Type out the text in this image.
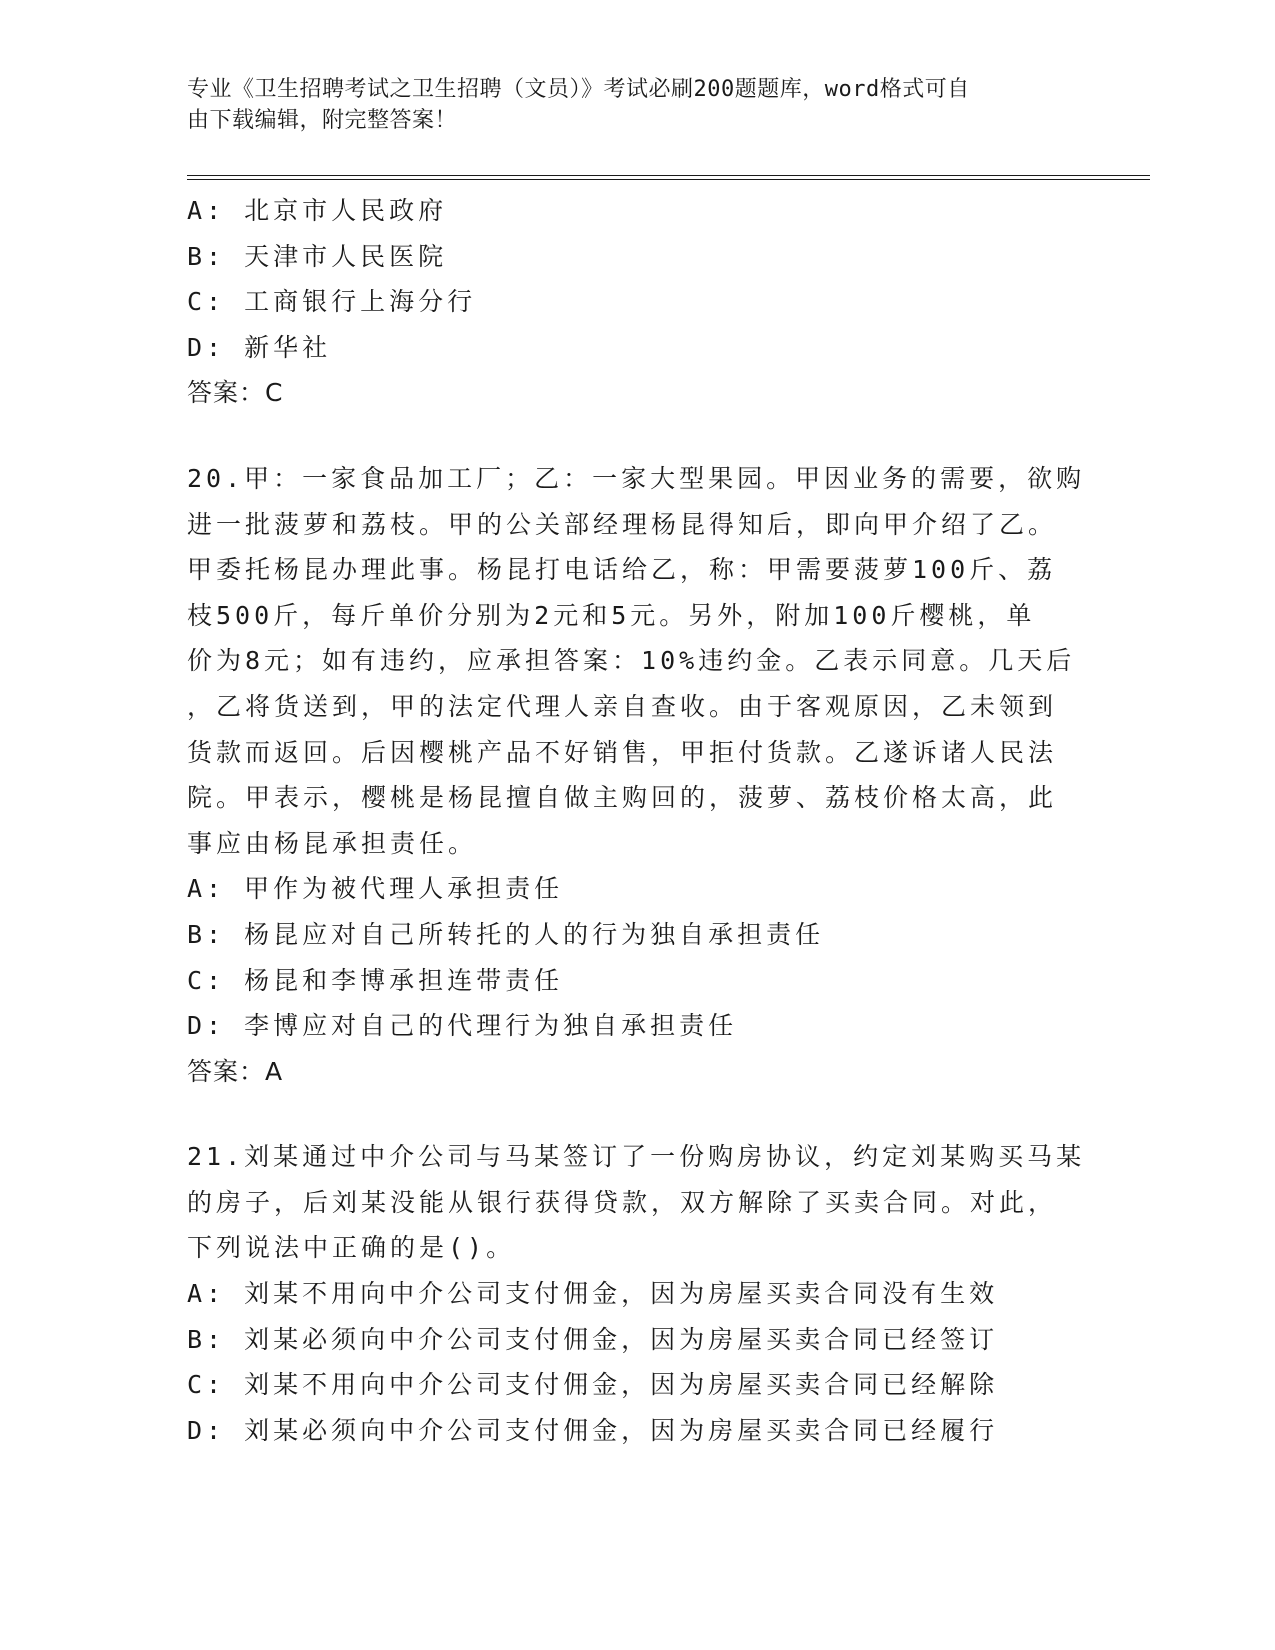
专业《卫生招聘考试之卫生招聘（文员）》考试必刷200题题库，word格式可自
由下载编辑，附完整答案！
A: 北京市人民政府
B: 天津市人民医院
C: 工商银行上海分行
D: 新华社
答案：C
20.甲：一家食品加工厂；乙：一家大型果园。甲因业务的需要，欲购
进一批菠萝和荔枝。甲的公关部经理杨昆得知后，即向甲介绍了乙。
甲委托杨昆办理此事。杨昆打电话给乙，称：甲需要菠萝100斤、荔
枝500斤，每斤单价分别为2元和5元。另外，附加100斤樱桃，单
价为8元；如有违约，应承担答案：10%违约金。乙表示同意。几天后
，乙将货送到，甲的法定代理人亲自查收。由于客观原因，乙未领到
货款而返回。后因樱桃产品不好销售，甲拒付货款。乙遂诉诸人民法
院。甲表示，樱桃是杨昆擅自做主购回的，菠萝、荔枝价格太高，此
事应由杨昆承担责任。
A: 甲作为被代理人承担责任
B: 杨昆应对自己所转托的人的行为独自承担责任
C: 杨昆和李博承担连带责任
D: 李博应对自己的代理行为独自承担责任
答案：A
21.刘某通过中介公司与马某签订了一份购房协议，约定刘某购买马某
的房子，后刘某没能从银行获得贷款，双方解除了买卖合同。对此，
下列说法中正确的是()。
A: 刘某不用向中介公司支付佣金，因为房屋买卖合同没有生效
B: 刘某必须向中介公司支付佣金，因为房屋买卖合同已经签订
C: 刘某不用向中介公司支付佣金，因为房屋买卖合同已经解除
D: 刘某必须向中介公司支付佣金，因为房屋买卖合同已经履行
